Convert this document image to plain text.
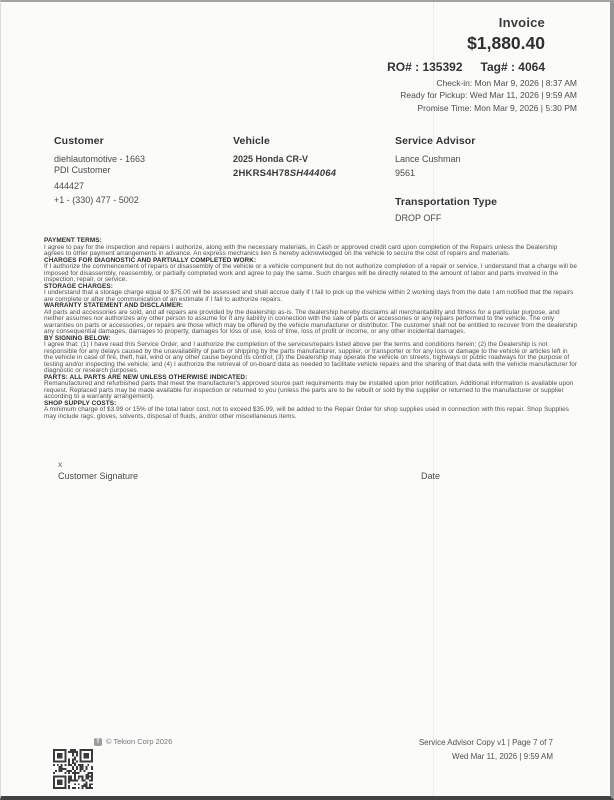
Invoice
$1,880.40
RO# : 135392 Tag# : 4064
Check-in: Mon Mar 9, 2026 | 8:37 AM
Ready for Pickup: Wed Mar 11, 2026 | 9:59 AM
Promise Time: Mon Mar 9, 2026 | 5:30 PM
Customer
diehlautomotive - 1663
PDI Customer
444427
+1 - (330) 477 - 5002
Vehicle
2025 Honda CR-V
2HKRS4H78SH444064
Service Advisor
Lance Cushman
9561
Transportation Type
DROP OFF
PAYMENT TERMS:
I agree to pay for the inspection and repairs I authorize, along with the necessary materials, in Cash or approved credit card upon completion of the Repairs unless the Dealership agrees to other payment arrangements in advance. An express mechanics lien is hereby acknowledged on the vehicle to secure the cost of repairs and materials.
CHARGES FOR DIAGNOSTIC AND PARTIALLY COMPLETED WORK:
If I authorize the commencement of repairs or disassembly of the vehicle or a vehicle component but do not authorize completion of a repair or service, I understand that a charge will be imposed for disassembly, reassembly, or partially completed work and agree to pay the same. Such charges will be directly related to the amount of labor and parts involved in the inspection, repair, or service.
STORAGE CHARGES:
I understand that a storage charge equal to $75.00 will be assessed and shall accrue daily if I fail to pick up the vehicle within 2 working days from the date I am notified that the repairs are complete or after the communication of an estimate if I fail to authorize repairs.
WARRANTY STATEMENT AND DISCLAIMER:
All parts and accessories are sold, and all repairs are provided by the dealership as-is. The dealership hereby disclaims all merchantability and fitness for a particular purpose, and neither assumes nor authorizes any other person to assume for it any liability in connection with the sale of parts or accessories or any repairs performed to the vehicle. The only warranties on parts or accessories, or repairs are those which may be offered by the vehicle manufacturer or distributor. The customer shall not be entitled to recover from the dealership any consequential damages, damages to property, damages for loss of use, loss of time, loss of profit or income, or any other incidental damages.
BY SIGNING BELOW:
I agree that: (1) I have read this Service Order, and I authorize the completion of the services/repairs listed above per the terms and conditions herein; (2) the Dealership is not responsible for any delays caused by the unavailability of parts or shipping by the parts manufacturer, supplier, or transporter or for any loss or damage to the vehicle or articles left in the vehicle in case of fire, theft, hail, wind or any other cause beyond its control; (3) the Dealership may operate the vehicle on streets, highways or public roadways for the purpose of testing and/or inspecting the vehicle; and (4) I authorize the retrieval of on-board data as needed to facilitate vehicle repairs and the sharing of that data with the vehicle manufacturer for diagnostic or research purposes.
PARTS: ALL PARTS ARE NEW UNLESS OTHERWISE INDICATED:
Remanufactured and refurbished parts that meet the manufacturer's approved source part requirements may be installed upon prior notification. Additional information is available upon request. Replaced parts may be made available for inspection or returned to you (unless the parts are to be rebuilt or sold by the supplier or returned to the manufacturer or supplier according to a warranty arrangement).
SHOP SUPPLY COSTS:
A minimum charge of $3.99 or 15% of the total labor cost, not to exceed $35.99, will be added to the Repair Order for shop supplies used in connection with this repair. Shop Supplies may include rags, gloves, solvents, disposal of fluids, and/or other miscellaneous items.
X
Customer Signature	Date
T © Tekion Corp 2026	Service Advisor Copy v1 | Page 7 of 7
Wed Mar 11, 2026 | 9:59 AM
